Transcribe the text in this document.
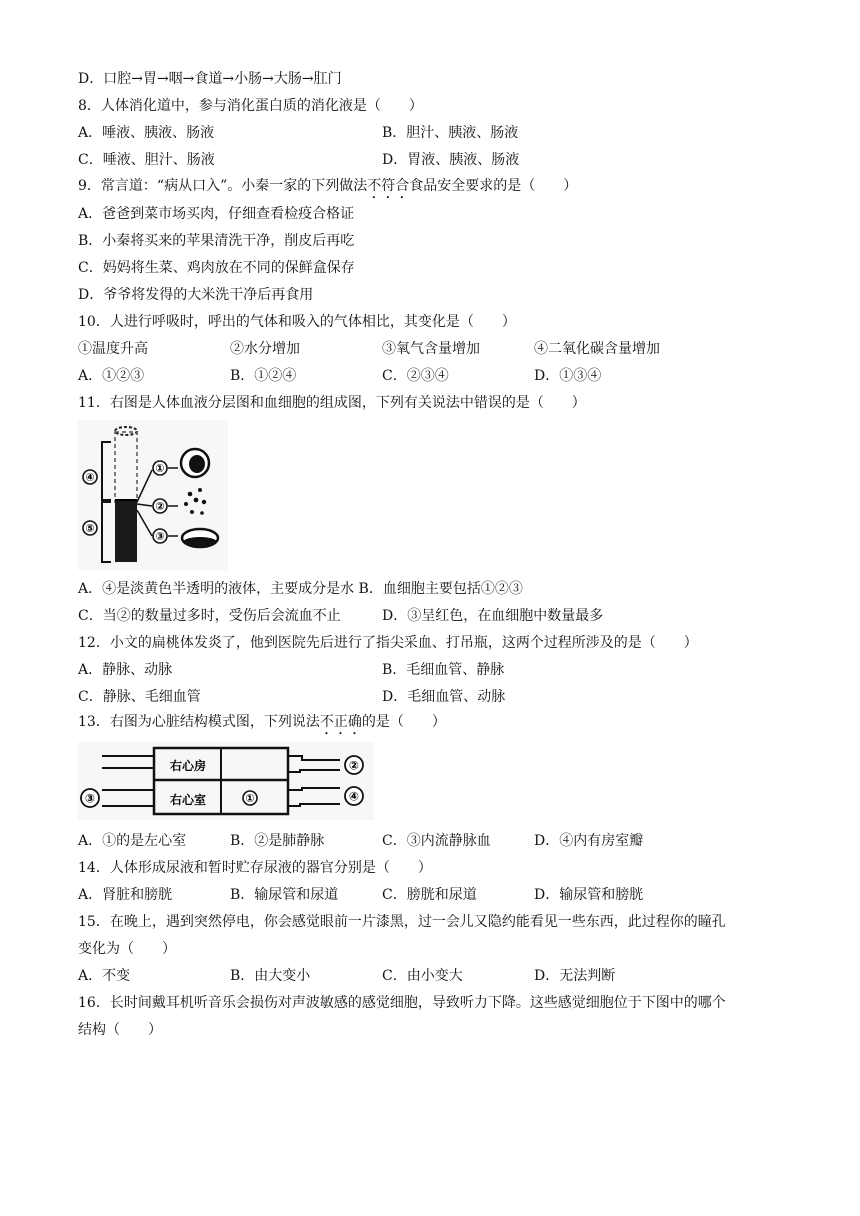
D．口腔→胃→咽→食道→小肠→大肠→肛门
8．人体消化道中，参与消化蛋白质的消化液是（　　）
A．唾液、胰液、肠液	B．胆汁、胰液、肠液
C．唾液、胆汁、肠液	D．胃液、胰液、肠液
9．常言道：“病从口入”。小秦一家的下列做法不符合食品安全要求的是（　　）
A．爸爸到菜市场买肉，仔细查看检疫合格证
B．小秦将买来的苹果清洗干净，削皮后再吃
C．妈妈将生菜、鸡肉放在不同的保鲜盒保存
D．爷爷将发得的大米洗干净后再食用
10．人进行呼吸时，呼出的气体和吸入的气体相比，其变化是（　　）
①温度升高	②水分增加	③氧气含量增加	④二氧化碳含量增加
A．①②③	B．①②④	C．②③④	D．①③④
11．右图是人体血液分层图和血细胞的组成图，下列有关说法中错误的是（　　）
④
⑤
①
②
③
A．④是淡黄色半透明的液体，主要成分是水 B．血细胞主要包括①②③
C．当②的数量过多时，受伤后会流血不止	D．③呈红色，在血细胞中数量最多
12．小文的扁桃体发炎了，他到医院先后进行了指尖采血、打吊瓶，这两个过程所涉及的是（　　）
A．静脉、动脉	B．毛细血管、静脉
C．静脉、毛细血管	D．毛细血管、动脉
13．右图为心脏结构模式图，下列说法不正确的是（　　）
右心房
右心室	①
②
④
③
A．①的是左心室	B．②是肺静脉	C．③内流静脉血	D．④内有房室瓣
14．人体形成尿液和暂时贮存尿液的器官分别是（　　）
A．肾脏和膀胱	B．输尿管和尿道	C．膀胱和尿道	D．输尿管和膀胱
15．在晚上，遇到突然停电，你会感觉眼前一片漆黑，过一会儿又隐约能看见一些东西，此过程你的瞳孔
变化为（　　）
A．不变	B．由大变小	C．由小变大	D．无法判断
16．长时间戴耳机听音乐会损伤对声波敏感的感觉细胞，导致听力下降。这些感觉细胞位于下图中的哪个
结构（　　）
